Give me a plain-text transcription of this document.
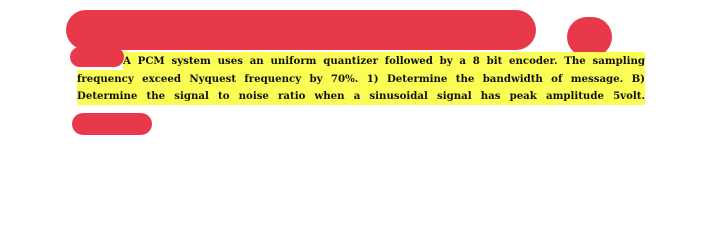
A PCM system uses an uniform quantizer followed by a 8 bit encoder. The sampling
frequency exceed Nyquest frequency by 70%. 1) Determine the bandwidth of message. B)
Determine the signal to noise ratio when a sinusoidal signal has peak amplitude 5volt.
